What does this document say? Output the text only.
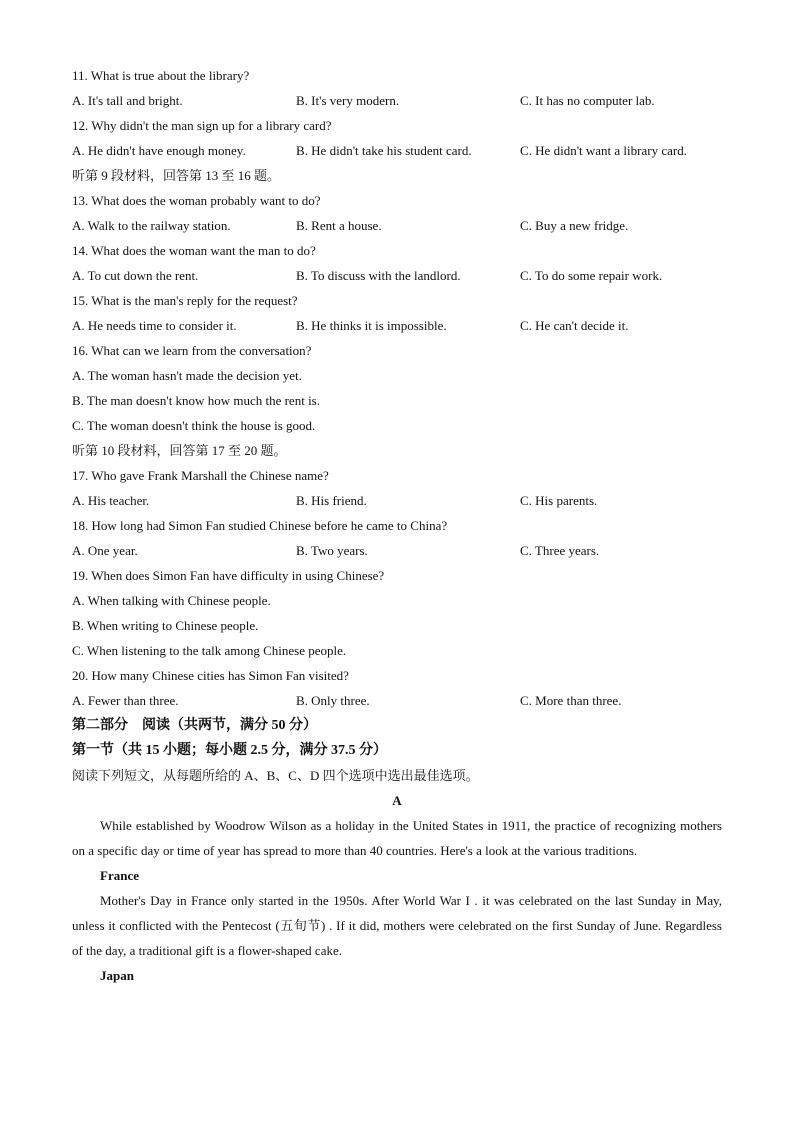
11. What is true about the library?
A. It's tall and bright.	B. It's very modern.	C. It has no computer lab.
12. Why didn't the man sign up for a library card?
A. He didn't have enough money.	B. He didn't take his student card.	C. He didn't want a library card.
听第 9 段材料，回答第 13 至 16 题。
13. What does the woman probably want to do?
A. Walk to the railway station.	B. Rent a house.	C. Buy a new fridge.
14. What does the woman want the man to do?
A. To cut down the rent.	B. To discuss with the landlord.	C. To do some repair work.
15. What is the man's reply for the request?
A. He needs time to consider it.	B. He thinks it is impossible.	C. He can't decide it.
16. What can we learn from the conversation?
A. The woman hasn't made the decision yet.
B. The man doesn't know how much the rent is.
C. The woman doesn't think the house is good.
听第 10 段材料，回答第 17 至 20 题。
17. Who gave Frank Marshall the Chinese name?
A. His teacher.	B. His friend.	C. His parents.
18. How long had Simon Fan studied Chinese before he came to China?
A. One year.	B. Two years.	C. Three years.
19. When does Simon Fan have difficulty in using Chinese?
A. When talking with Chinese people.
B. When writing to Chinese people.
C. When listening to the talk among Chinese people.
20. How many Chinese cities has Simon Fan visited?
A. Fewer than three.	B. Only three.	C. More than three.
第二部分　阅读（共两节，满分 50 分）
第一节（共 15 小题；每小题 2.5 分，满分 37.5 分）
阅读下列短文，从每题所给的 A、B、C、D 四个选项中选出最佳选项。
A
While established by Woodrow Wilson as a holiday in the United States in 1911, the practice of recognizing mothers on a specific day or time of year has spread to more than 40 countries. Here's a look at the various traditions.
France
Mother's Day in France only started in the 1950s. After World War I . it was celebrated on the last Sunday in May, unless it conflicted with the Pentecost (五旬节) . If it did, mothers were celebrated on the first Sunday of June. Regardless of the day, a traditional gift is a flower-shaped cake.
Japan
